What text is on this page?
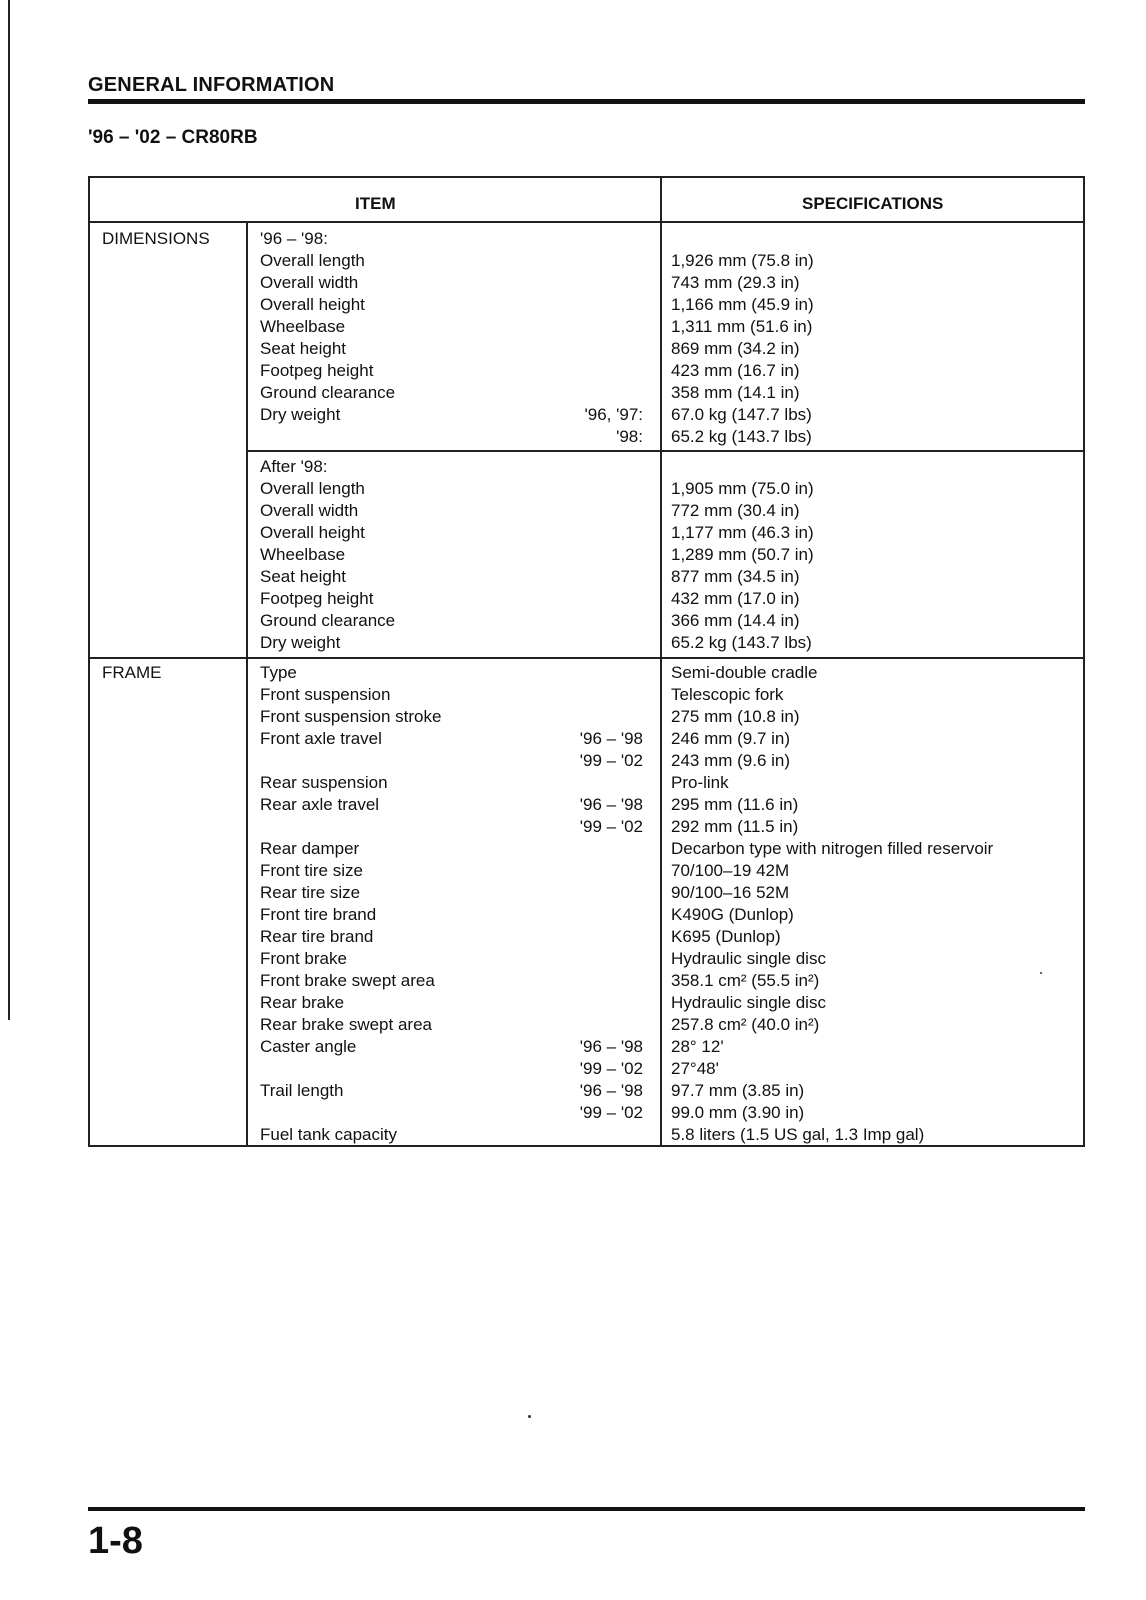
GENERAL INFORMATION
'96 – '02 – CR80RB
ITEM	SPECIFICATIONS
DIMENSIONS	'96 – '98:
Overall length	1,926 mm (75.8 in)
Overall width	743 mm (29.3 in)
Overall height	1,166 mm (45.9 in)
Wheelbase	1,311 mm (51.6 in)
Seat height	869 mm (34.2 in)
Footpeg height	423 mm (16.7 in)
Ground clearance	358 mm (14.1 in)
Dry weight	'96, '97: 67.0 kg (147.7 lbs)
'98: 65.2 kg (143.7 lbs)
After '98:
Overall length	1,905 mm (75.0 in)
Overall width	772 mm (30.4 in)
Overall height	1,177 mm (46.3 in)
Wheelbase	1,289 mm (50.7 in)
Seat height	877 mm (34.5 in)
Footpeg height	432 mm (17.0 in)
Ground clearance	366 mm (14.4 in)
Dry weight	65.2 kg (143.7 lbs)
FRAME	Type	Semi-double cradle
Front suspension	Telescopic fork
Front suspension stroke	275 mm (10.8 in)
Front axle travel	'96 – '98 246 mm (9.7 in)
'99 – '02 243 mm (9.6 in)
Rear suspension	Pro-link
Rear axle travel	'96 – '98 295 mm (11.6 in)
'99 – '02 292 mm (11.5 in)
Rear damper	Decarbon type with nitrogen filled reservoir
Front tire size	70/100–19 42M
Rear tire size	90/100–16 52M
Front tire brand	K490G (Dunlop)
Rear tire brand	K695 (Dunlop)
Front brake	Hydraulic single disc
Front brake swept area	358.1 cm² (55.5 in²)
Rear brake	Hydraulic single disc
Rear brake swept area	257.8 cm² (40.0 in²)
Caster angle	'96 – '98 28° 12'
'99 – '02 27°48'
Trail length	'96 – '98 97.7 mm (3.85 in)
'99 – '02 99.0 mm (3.90 in)
Fuel tank capacity	5.8 liters (1.5 US gal, 1.3 Imp gal)
1-8
